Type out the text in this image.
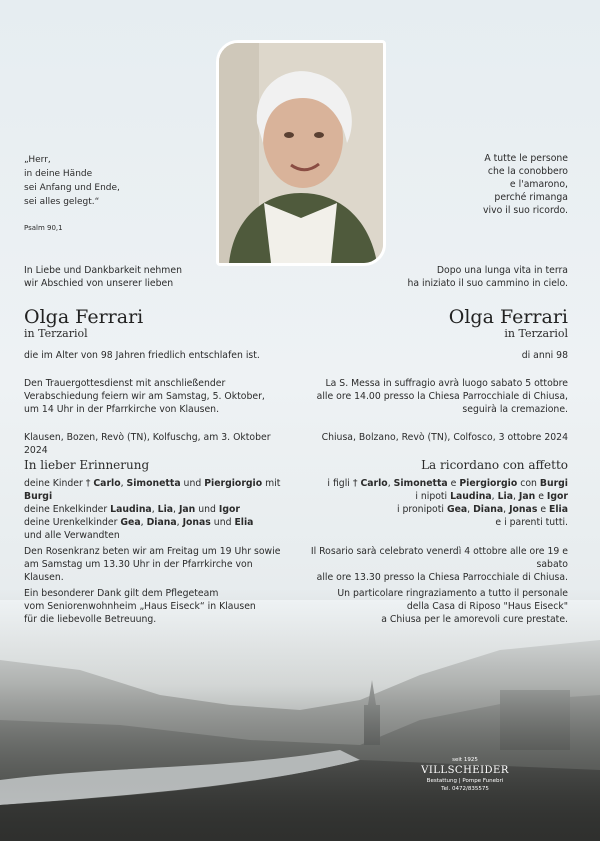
„Herr,
in deine Hände
sei Anfang und Ende,
sei alles gelegt.“
Psalm 90,1
In Liebe und Dankbarkeit nehmen
wir Abschied von unserer lieben
Olga Ferrari
in Terzariol
die im Alter von 98 Jahren friedlich entschlafen ist.
Den Trauergottesdienst mit anschließender
Verabschiedung feiern wir am Samstag, 5. Oktober,
um 14 Uhr in der Pfarrkirche von Klausen.
Klausen, Bozen, Revò (TN), Kolfuschg, am 3. Oktober 2024
In lieber Erinnerung
deine Kinder † Carlo, Simonetta und Piergiorgio mit Burgi
deine Enkelkinder Laudina, Lia, Jan und Igor
deine Urenkelkinder Gea, Diana, Jonas und Elia
und alle Verwandten
Den Rosenkranz beten wir am Freitag um 19 Uhr sowie
am Samstag um 13.30 Uhr in der Pfarrkirche von Klausen.
Ein besonderer Dank gilt dem Pflegeteam
vom Seniorenwohnheim „Haus Eiseck“ in Klausen
für die liebevolle Betreuung.
A tutte le persone
che la conobbero
e l'amarono,
perché rimanga
vivo il suo ricordo.
Dopo una lunga vita in terra
ha iniziato il suo cammino in cielo.
Olga Ferrari
in Terzariol
di anni 98
La S. Messa in suffragio avrà luogo sabato 5 ottobre
alle ore 14.00 presso la Chiesa Parrocchiale di Chiusa,
seguirà la cremazione.
Chiusa, Bolzano, Revò (TN), Colfosco, 3 ottobre 2024
La ricordano con affetto
i figli † Carlo, Simonetta e Piergiorgio con Burgi
i nipoti Laudina, Lia, Jan e Igor
i pronipoti Gea, Diana, Jonas e Elia
e i parenti tutti.
Il Rosario sarà celebrato venerdì 4 ottobre alle ore 19 e sabato
alle ore 13.30 presso la Chiesa Parrocchiale di Chiusa.
Un particolare ringraziamento a tutto il personale
della Casa di Riposo "Haus Eiseck"
a Chiusa per le amorevoli cure prestate.
seit 1925
VILLSCHEIDER
Bestattung | Pompe Funebri
Tel. 0472/835575
